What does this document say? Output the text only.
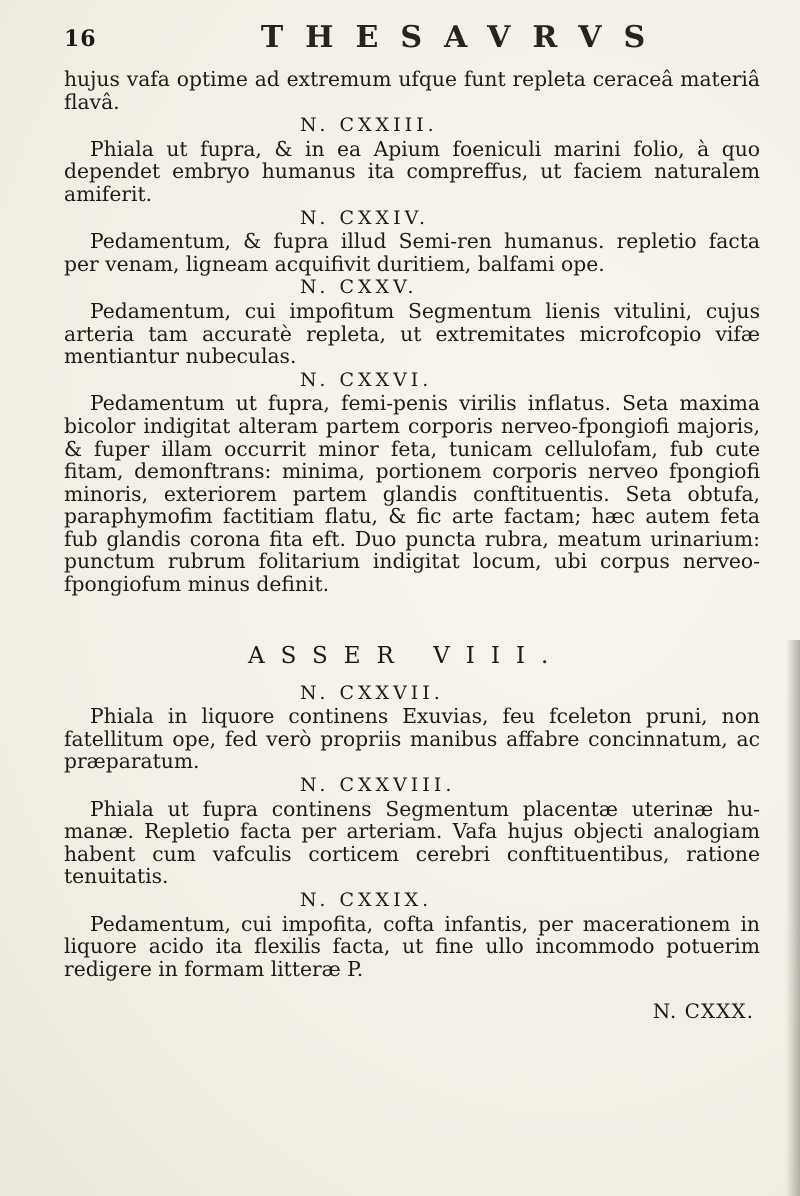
16	THESAVRVS

hujus vafa optime ad extremum ufque funt repleta ceraceâ materiâ flavâ.

N. CXXIII.

Phiala ut fupra, & in ea Apium foeniculi marini folio, à quo dependet embryo humanus ita compreffus, ut faciem naturalem amiferit.

N. CXXIV.

Pedamentum, & fupra illud Semi-ren humanus. repletio facta per venam, ligneam acquifivit duritiem, balfami ope.

N. CXXV.

Pedamentum, cui impofitum Segmentum lienis vitulini, cujus arteria tam accuratè repleta, ut extremitates microfcopio vifæ mentiantur nubeculas.

N. CXXVI.

Pedamentum ut fupra, femi-penis virilis inflatus. Seta maxima bicolor indigitat alteram partem corporis nerveo-fpongiofi majoris, & fuper illam occurrit minor feta, tunicam cellulofam, fub cute fitam, demonftrans: minima, portionem corporis nerveo fpongiofi minoris, exteriorem partem glandis conftituentis. Seta obtufa, paraphymofim factitiam flatu, & fic arte factam; hæc autem feta fub glandis corona fita eft. Duo puncta rubra, meatum urinarium: punctum rubrum folitarium indigitat locum, ubi corpus nerveo-fpongiofum minus definit.

ASSER VIII.
N. CXXVII.

Phiala in liquore continens Exuvias, feu fceleton pruni, non fatellitum ope, fed verò propriis manibus affabre concinnatum, ac præparatum.

N. CXXVIII.

Phiala ut fupra continens Segmentum placentæ uterinæ humanæ. Repletio facta per arteriam. Vafa hujus objecti analogiam habent cum vafculis corticem cerebri conftituentibus, ratione tenuitatis.

N. CXXIX.

Pedamentum, cui impofita, cofta infantis, per macerationem in liquore acido ita flexilis facta, ut fine ullo incommodo potuerim redigere in formam litteræ P.

N. CXXX.
